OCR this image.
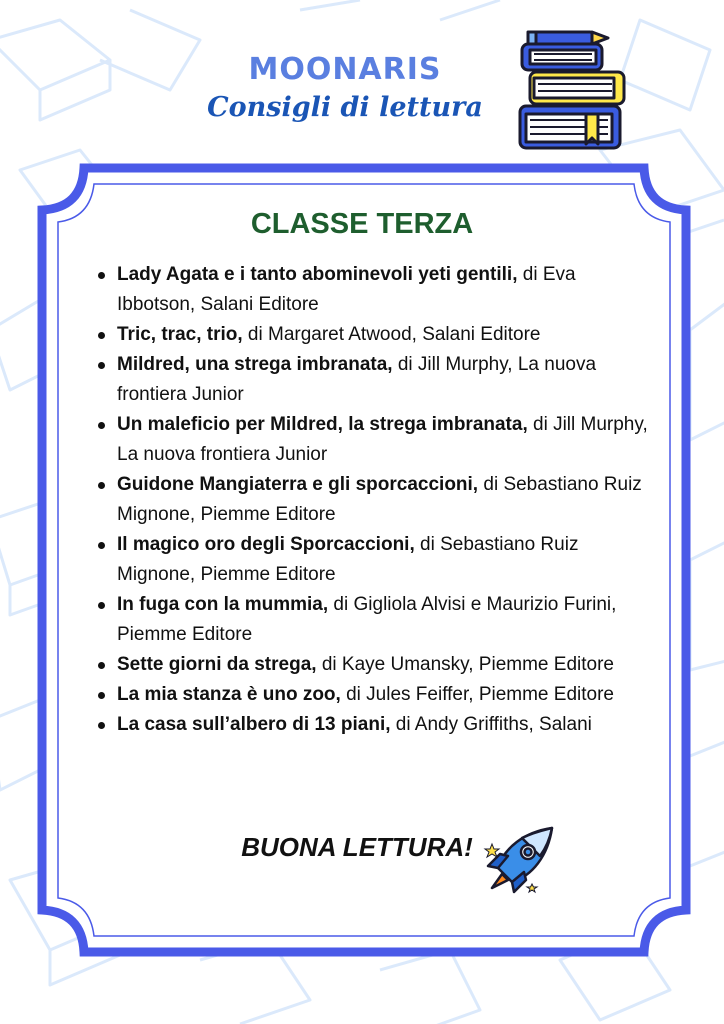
MOONARIS
Consigli di lettura
CLASSE TERZA
Lady Agata e i tanto abominevoli yeti gentili, di Eva Ibbotson, Salani Editore
Tric, trac, trio, di Margaret Atwood, Salani Editore
Mildred, una strega imbranata, di Jill Murphy, La nuova frontiera Junior
Un maleficio per Mildred, la strega imbranata, di Jill Murphy, La nuova frontiera Junior
Guidone Mangiaterra e gli sporcaccioni, di Sebastiano Ruiz Mignone, Piemme Editore
Il magico oro degli Sporcaccioni, di Sebastiano Ruiz Mignone, Piemme Editore
In fuga con la mummia, di Gigliola Alvisi e Maurizio Furini, Piemme Editore
Sette giorni da strega, di Kaye Umansky, Piemme Editore
La mia stanza è uno zoo, di Jules Feiffer, Piemme Editore
La casa sull’albero di 13 piani, di Andy Griffiths, Salani
BUONA LETTURA!
